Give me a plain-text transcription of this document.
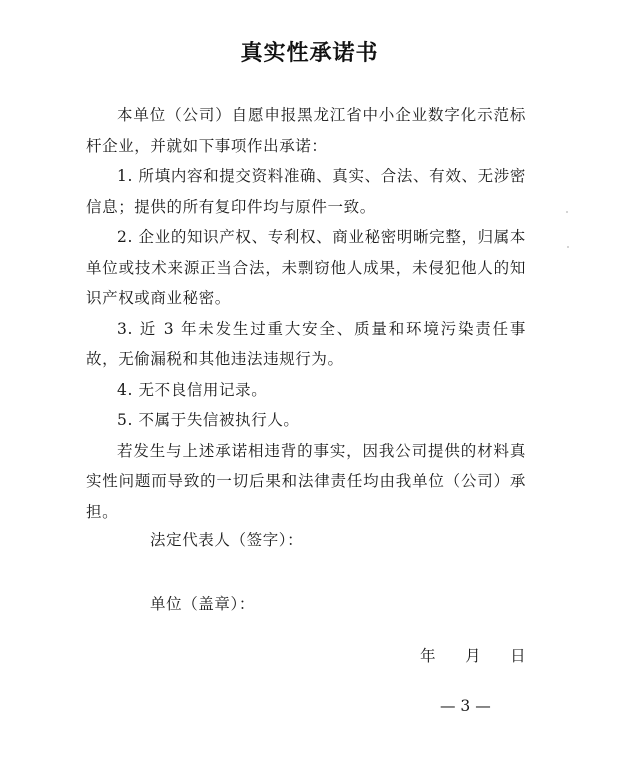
真实性承诺书

本单位（公司）自愿申报黑龙江省中小企业数字化示范标杆企业，并就如下事项作出承诺：

1. 所填内容和提交资料准确、真实、合法、有效、无涉密信息；提供的所有复印件均与原件一致。

2. 企业的知识产权、专利权、商业秘密明晰完整，归属本单位或技术来源正当合法，未剽窃他人成果，未侵犯他人的知识产权或商业秘密。

3. 近 3 年未发生过重大安全、质量和环境污染责任事故，无偷漏税和其他违法违规行为。

4. 无不良信用记录。

5. 不属于失信被执行人。

若发生与上述承诺相违背的事实，因我公司提供的材料真实性问题而导致的一切后果和法律责任均由我单位（公司）承担。

法定代表人（签字）：
单位（盖章）：
年 月 日
— 3 —
